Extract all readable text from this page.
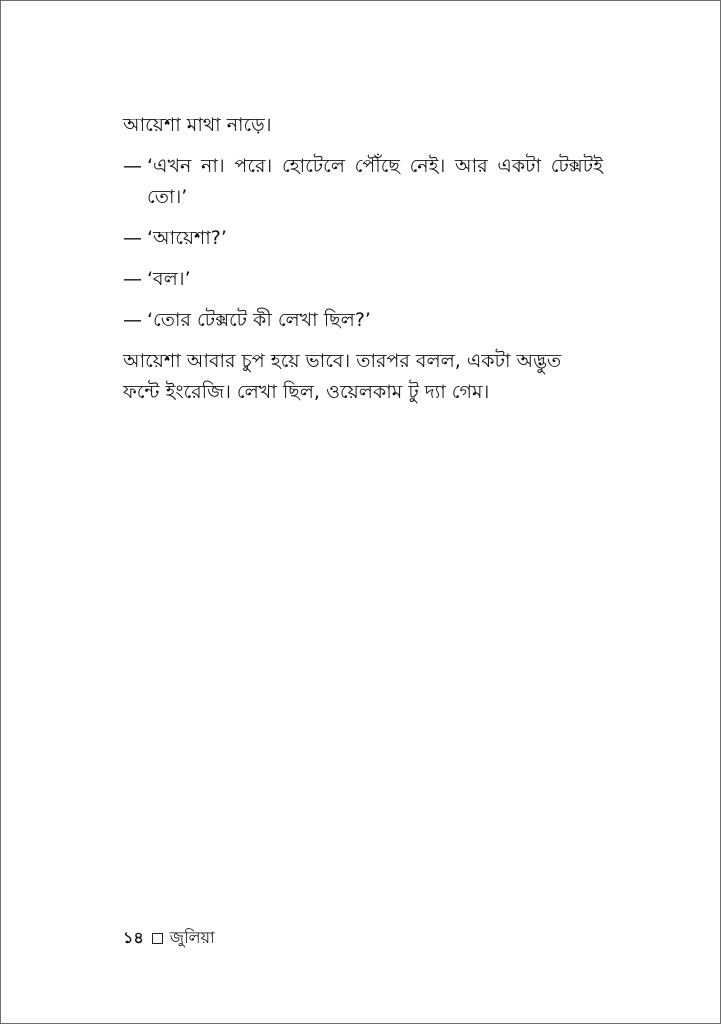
আয়েশা মাথা নাড়ে।

— ‘এখন না। পরে। হোটেলে পৌঁছে নেই। আর একটা টেক্সটই তো।’
— ‘আয়েশা?’
— ‘বল।’
— ‘তোর টেক্সটে কী লেখা ছিল?’

আয়েশা আবার চুপ হয়ে ভাবে। তারপর বলল, একটা অদ্ভুত ফন্টে ইংরেজি। লেখা ছিল, ওয়েলকাম টু দ্যা গেম।

১৪ জুলিয়া
